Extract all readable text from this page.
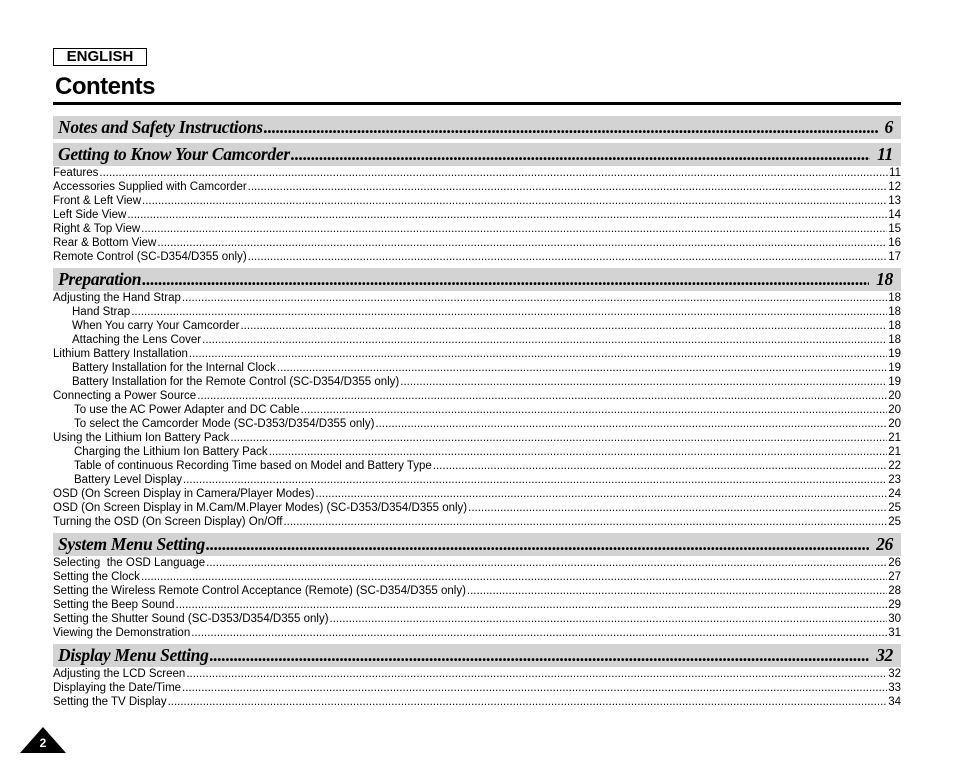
ENGLISH
Contents
Notes and Safety Instructions .....	6
Getting to Know Your Camcorder .....	11
Features .....	11
Accessories Supplied with Camcorder .....	12
Front & Left View .....	13
Left Side View .....	14
Right & Top View .....	15
Rear & Bottom View .....	16
Remote Control (SC-D354/D355 only) .....	17
Preparation .....	18
Adjusting the Hand Strap .....	18
Hand Strap .....	18
When You carry Your Camcorder .....	18
Attaching the Lens Cover .....	18
Lithium Battery Installation .....	19
Battery Installation for the Internal Clock .....	19
Battery Installation for the Remote Control (SC-D354/D355 only) .....	19
Connecting a Power Source .....	20
To use the AC Power Adapter and DC Cable .....	20
To select the Camcorder Mode (SC-D353/D354/D355 only) .....	20
Using the Lithium Ion Battery Pack .....	21
Charging the Lithium Ion Battery Pack .....	21
Table of continuous Recording Time based on Model and Battery Type .....	22
Battery Level Display .....	23
OSD (On Screen Display in Camera/Player Modes) .....	24
OSD (On Screen Display in M.Cam/M.Player Modes) (SC-D353/D354/D355 only) .....	25
Turning the OSD (On Screen Display) On/Off .....	25
System Menu Setting .....	26
Selecting  the OSD Language .....	26
Setting the Clock .....	27
Setting the Wireless Remote Control Acceptance (Remote) (SC-D354/D355 only) .....	28
Setting the Beep Sound .....	29
Setting the Shutter Sound (SC-D353/D354/D355 only) .....	30
Viewing the Demonstration .....	31
Display Menu Setting .....	32
Adjusting the LCD Screen .....	32
Displaying the Date/Time .....	33
Setting the TV Display .....	34
2
